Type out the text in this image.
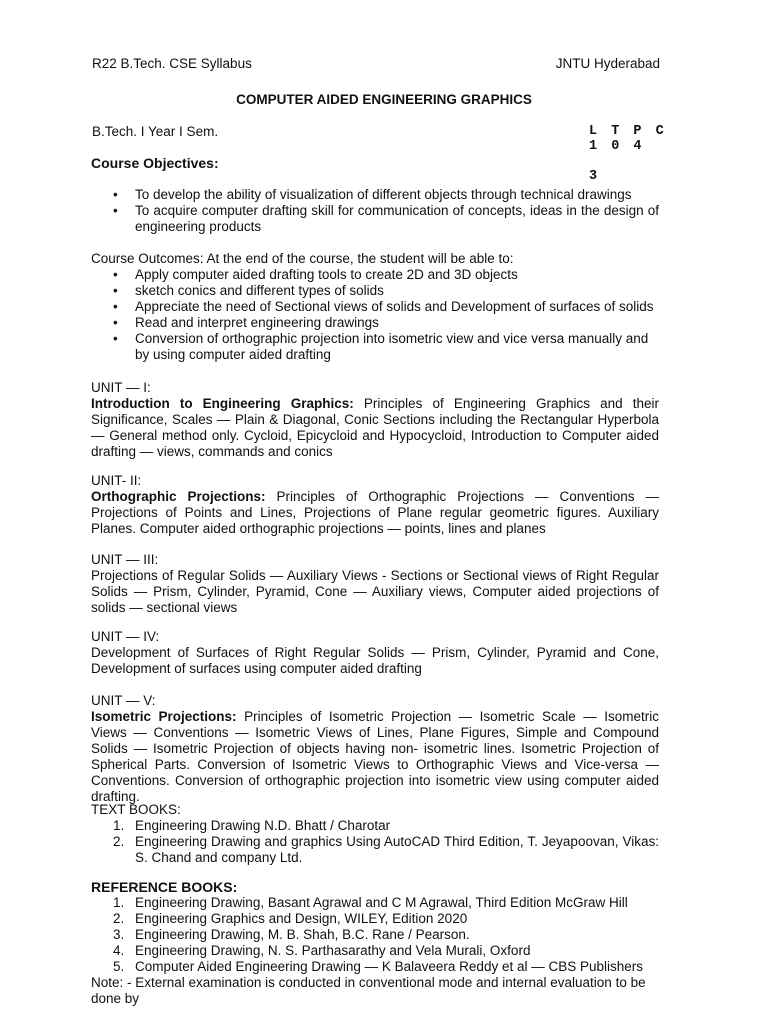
R22 B.Tech. CSE Syllabus	JNTU Hyderabad
COMPUTER AIDED ENGINEERING GRAPHICS
B.Tech. I Year I Sem.	L T P C
1 0 4
3
Course Objectives:
• To develop the ability of visualization of different objects through technical drawings
• To acquire computer drafting skill for communication of concepts, ideas in the design of engineering products
Course Outcomes: At the end of the course, the student will be able to:
• Apply computer aided drafting tools to create 2D and 3D objects
• sketch conics and different types of solids
• Appreciate the need of Sectional views of solids and Development of surfaces of solids
• Read and interpret engineering drawings
• Conversion of orthographic projection into isometric view and vice versa manually and by using computer aided drafting
UNIT — I:
Introduction to Engineering Graphics: Principles of Engineering Graphics and their Significance, Scales — Plain & Diagonal, Conic Sections including the Rectangular Hyperbola — General method only. Cycloid, Epicycloid and Hypocycloid, Introduction to Computer aided drafting — views, commands and conics
UNIT- II:
Orthographic Projections: Principles of Orthographic Projections — Conventions — Projections of Points and Lines, Projections of Plane regular geometric figures. Auxiliary Planes. Computer aided orthographic projections — points, lines and planes
UNIT — III:
Projections of Regular Solids — Auxiliary Views - Sections or Sectional views of Right Regular Solids — Prism, Cylinder, Pyramid, Cone — Auxiliary views, Computer aided projections of solids — sectional views
UNIT — IV:
Development of Surfaces of Right Regular Solids — Prism, Cylinder, Pyramid and Cone, Development of surfaces using computer aided drafting
UNIT — V:
Isometric Projections: Principles of Isometric Projection — Isometric Scale — Isometric Views — Conventions — Isometric Views of Lines, Plane Figures, Simple and Compound Solids — Isometric Projection of objects having non- isometric lines. Isometric Projection of Spherical Parts. Conversion of Isometric Views to Orthographic Views and Vice-versa —Conventions. Conversion of orthographic projection into isometric view using computer aided drafting.
TEXT BOOKS:
1. Engineering Drawing N.D. Bhatt / Charotar
2. Engineering Drawing and graphics Using AutoCAD Third Edition, T. Jeyapoovan, Vikas: S. Chand and company Ltd.
REFERENCE BOOKS:
1. Engineering Drawing, Basant Agrawal and C M Agrawal, Third Edition McGraw Hill
2. Engineering Graphics and Design, WILEY, Edition 2020
3. Engineering Drawing, M. B. Shah, B.C. Rane / Pearson.
4. Engineering Drawing, N. S. Parthasarathy and Vela Murali, Oxford
5. Computer Aided Engineering Drawing — K Balaveera Reddy et al — CBS Publishers
Note: - External examination is conducted in conventional mode and internal evaluation to be done by
